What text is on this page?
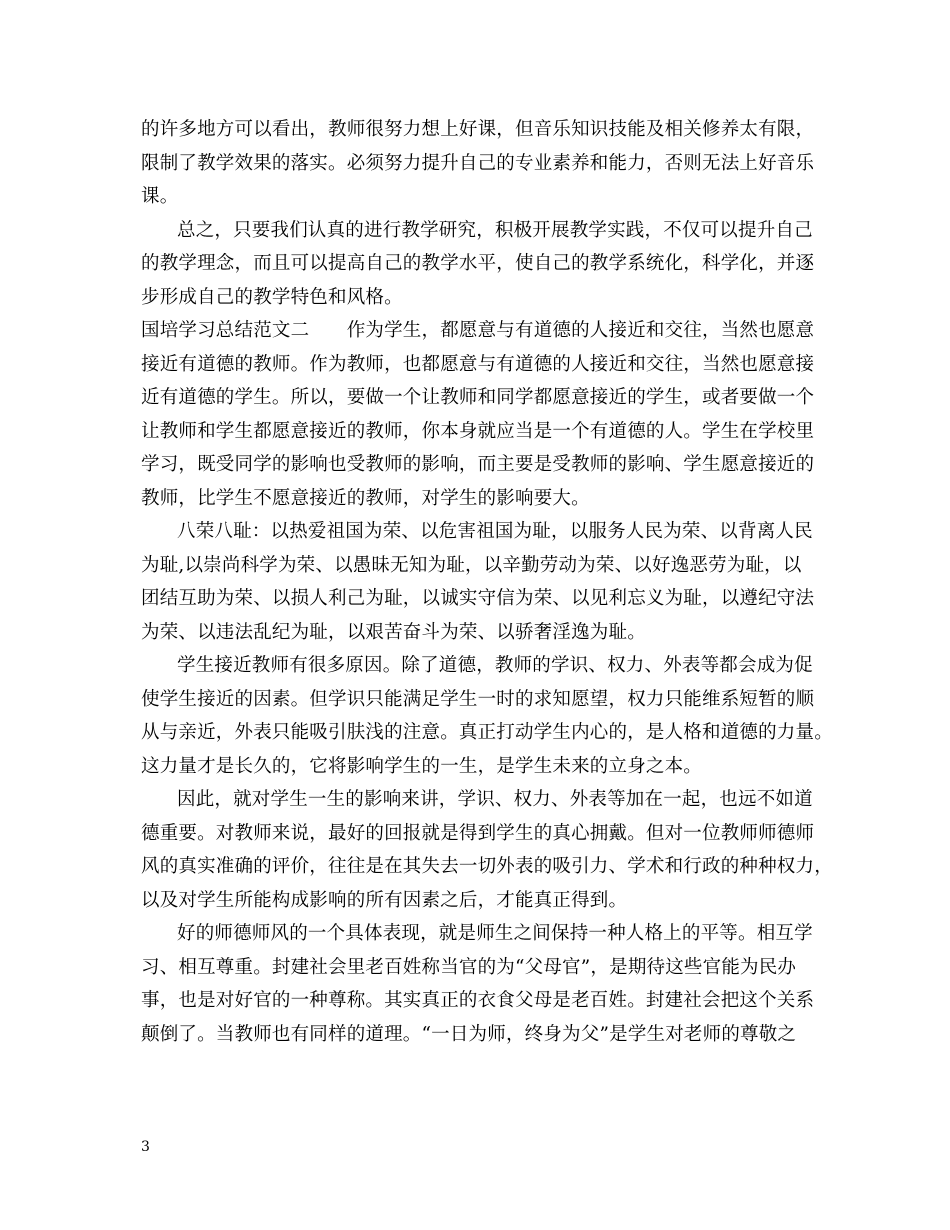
的许多地方可以看出，教师很努力想上好课，但音乐知识技能及相关修养太有限，
限制了教学效果的落实。必须努力提升自己的专业素养和能力，否则无法上好音乐
课。
总之，只要我们认真的进行教学研究，积极开展教学实践，不仅可以提升自己
的教学理念，而且可以提高自己的教学水平，使自己的教学系统化，科学化，并逐
步形成自己的教学特色和风格。
国培学习总结范文二　　作为学生，都愿意与有道德的人接近和交往，当然也愿意
接近有道德的教师。作为教师，也都愿意与有道德的人接近和交往，当然也愿意接
近有道德的学生。所以，要做一个让教师和同学都愿意接近的学生，或者要做一个
让教师和学生都愿意接近的教师，你本身就应当是一个有道德的人。学生在学校里
学习，既受同学的影响也受教师的影响，而主要是受教师的影响、学生愿意接近的
教师，比学生不愿意接近的教师，对学生的影响要大。
八荣八耻：以热爱祖国为荣、以危害祖国为耻，以服务人民为荣、以背离人民
为耻,以崇尚科学为荣、以愚昧无知为耻，以辛勤劳动为荣、以好逸恶劳为耻，以
团结互助为荣、以损人利己为耻，以诚实守信为荣、以见利忘义为耻，以遵纪守法
为荣、以违法乱纪为耻，以艰苦奋斗为荣、以骄奢淫逸为耻。
学生接近教师有很多原因。除了道德，教师的学识、权力、外表等都会成为促
使学生接近的因素。但学识只能满足学生一时的求知愿望，权力只能维系短暂的顺
从与亲近，外表只能吸引肤浅的注意。真正打动学生内心的，是人格和道德的力量。
这力量才是长久的，它将影响学生的一生，是学生未来的立身之本。
因此，就对学生一生的影响来讲，学识、权力、外表等加在一起，也远不如道
德重要。对教师来说，最好的回报就是得到学生的真心拥戴。但对一位教师师德师
风的真实准确的评价，往往是在其失去一切外表的吸引力、学术和行政的种种权力，
以及对学生所能构成影响的所有因素之后，才能真正得到。
好的师德师风的一个具体表现，就是师生之间保持一种人格上的平等。相互学
习、相互尊重。封建社会里老百姓称当官的为“父母官”，是期待这些官能为民办
事，也是对好官的一种尊称。其实真正的衣食父母是老百姓。封建社会把这个关系
颠倒了。当教师也有同样的道理。“一日为师，终身为父”是学生对老师的尊敬之
3
